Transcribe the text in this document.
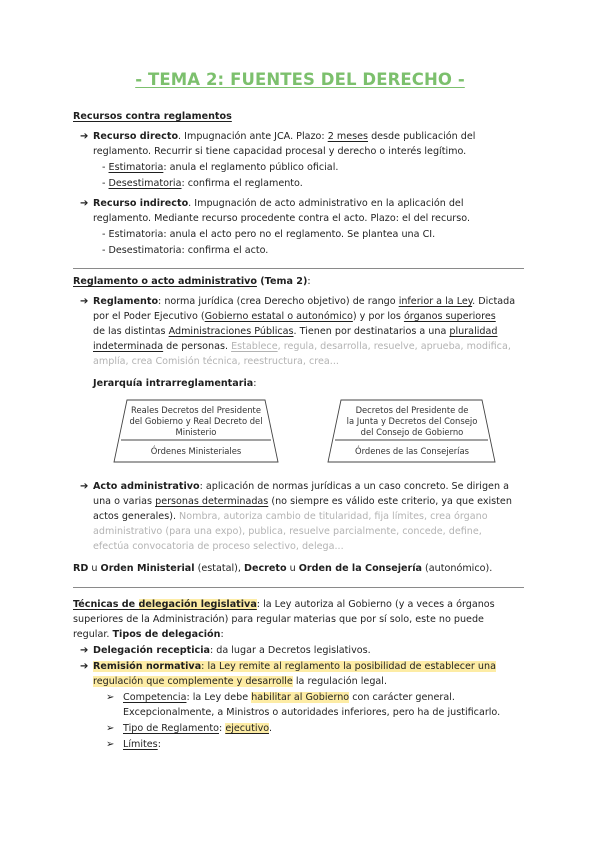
- TEMA 2: FUENTES DEL DERECHO -
Recursos contra reglamentos
➔ Recurso directo. Impugnación ante JCA. Plazo: 2 meses desde publicación del
reglamento. Recurrir si tiene capacidad procesal y derecho o interés legítimo.
- Estimatoria: anula el reglamento público oficial.
- Desestimatoria: confirma el reglamento.
➔ Recurso indirecto. Impugnación de acto administrativo en la aplicación del
reglamento. Mediante recurso procedente contra el acto. Plazo: el del recurso.
- Estimatoria: anula el acto pero no el reglamento. Se plantea una CI.
- Desestimatoria: confirma el acto.
Reglamento o acto administrativo (Tema 2):
➔ Reglamento: norma jurídica (crea Derecho objetivo) de rango inferior a la Ley. Dictada
por el Poder Ejecutivo (Gobierno estatal o autonómico) y por los órganos superiores
de las distintas Administraciones Públicas. Tienen por destinatarios a una pluralidad
indeterminada de personas. Establece, regula, desarrolla, resuelve, aprueba, modifica,
amplía, crea Comisión técnica, reestructura, crea...
Jerarquía intrarreglamentaria:
Reales Decretos del Presidente
del Gobierno y Real Decreto del
Ministerio
Órdenes Ministeriales
Decretos del Presidente de
la Junta y Decretos del Consejo
del Consejo de Gobierno
Órdenes de las Consejerías
➔ Acto administrativo: aplicación de normas jurídicas a un caso concreto. Se dirigen a
una o varias personas determinadas (no siempre es válido este criterio, ya que existen
actos generales). Nombra, autoriza cambio de titularidad, fija límites, crea órgano
administrativo (para una expo), publica, resuelve parcialmente, concede, define,
efectúa convocatoria de proceso selectivo, delega...
RD u Orden Ministerial (estatal), Decreto u Orden de la Consejería (autonómico).
Técnicas de delegación legislativa: la Ley autoriza al Gobierno (y a veces a órganos
superiores de la Administración) para regular materias que por sí solo, este no puede
regular. Tipos de delegación:
➔ Delegación recepticia: da lugar a Decretos legislativos.
➔ Remisión normativa: la Ley remite al reglamento la posibilidad de establecer una
regulación que complemente y desarrolle la regulación legal.
➢ Competencia: la Ley debe habilitar al Gobierno con carácter general.
Excepcionalmente, a Ministros o autoridades inferiores, pero ha de justificarlo.
➢ Tipo de Reglamento: ejecutivo.
➢ Límites:
